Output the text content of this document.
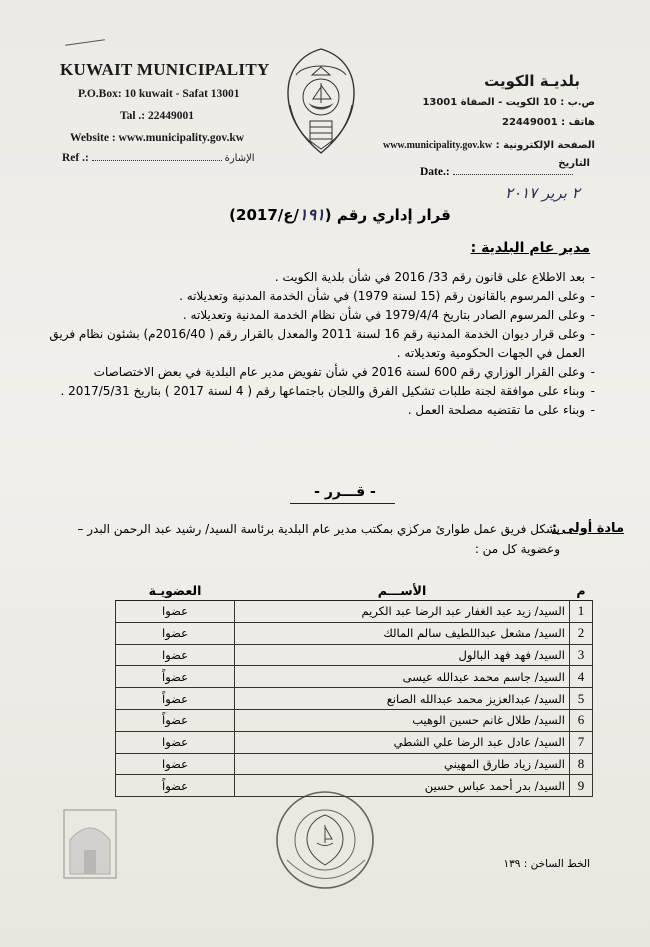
KUWAIT MUNICIPALITY
P.O.Box: 10 kuwait - Safat 13001
Tal .: 22449001
Website : www.municipality.gov.kw
Ref .:	الإشارة
بلديـة الكويت
ص.ب : 10 الكويت - الصفاة 13001
هاتف : 22449001
الصفحة الإلكترونية : www.municipality.gov.kw
التاريخ
Date.:
٢ برير ٢٠١٧
قرار إداري رقم (١٩١/ع/2017)
مدير عام البلدية :
- بعد الاطلاع على قانون رقم 33/ 2016 في شأن بلدية الكويت .
- وعلى المرسوم بالقانون رقم (15 لسنة 1979) في شأن الخدمة المدنية وتعديلاته .
- وعلى المرسوم الصادر بتاريخ 1979/4/4 في شأن نظام الخدمة المدنية وتعديلاته .
- وعلى قرار ديوان الخدمة المدنية رقم 16 لسنة 2011 والمعدل بالقرار رقم ( 2016/40م) بشئون نظام فريق العمل في الجهات الحكومية وتعديلاته .
- وعلى القرار الوزاري رقم 600 لسنة 2016 في شأن تفويض مدير عام البلدية في بعض الاختصاصات
- وبناء على موافقة لجنة طلبات تشكيل الفرق واللجان باجتماعها رقم ( 4 لسنة 2017 ) بتاريخ 2017/5/31 .
- وبناء على ما تقتضيه مصلحة العمل .
- قـــرر -
مادة أولى :
يشكل فريق عمل طوارئ مركزي بمكتب مدير عام البلدية برئاسة السيد/ رشيد عبد الرحمن البدر – وعضوية كل من :
م	الأســـم	العضويـة
1	السيد/ زيد عبد الغفار عبد الرضا عبد الكريم	عضوا
2	السيد/ مشعل عبداللطيف سالم المالك	عضوا
3	السيد/ فهد فهد البالول	عضوا
4	السيد/ جاسم محمد عبدالله عيسى	عضواً
5	السيد/ عبدالعزيز محمد عبدالله الصانع	عضواً
6	السيد/ طلال غانم حسين الوهيب	عضواً
7	السيد/ عادل عبد الرضا علي الشطي	عضوا
8	السيد/ زياد طارق المهيني	عضوا
9	السيد/ بدر أحمد عباس حسين	عضواً
الخط الساخن : ١٣٩
